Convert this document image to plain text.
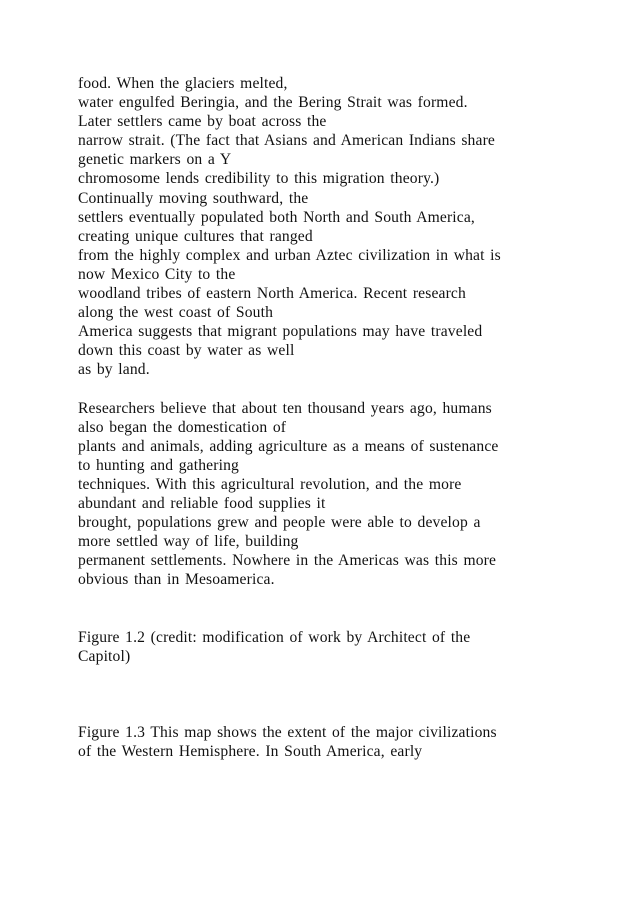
food. When the glaciers melted,
water engulfed Beringia, and the Bering Strait was formed.
Later settlers came by boat across the
narrow strait. (The fact that Asians and American Indians share
genetic markers on a Y
chromosome lends credibility to this migration theory.)
Continually moving southward, the
settlers eventually populated both North and South America,
creating unique cultures that ranged
from the highly complex and urban Aztec civilization in what is
now Mexico City to the
woodland tribes of eastern North America. Recent research
along the west coast of South
America suggests that migrant populations may have traveled
down this coast by water as well
as by land.
Researchers believe that about ten thousand years ago, humans
also began the domestication of
plants and animals, adding agriculture as a means of sustenance
to hunting and gathering
techniques. With this agricultural revolution, and the more
abundant and reliable food supplies it
brought, populations grew and people were able to develop a
more settled way of life, building
permanent settlements. Nowhere in the Americas was this more
obvious than in Mesoamerica.
Figure 1.2 (credit: modification of work by Architect of the
Capitol)
Figure 1.3 This map shows the extent of the major civilizations
of the Western Hemisphere. In South America, early
